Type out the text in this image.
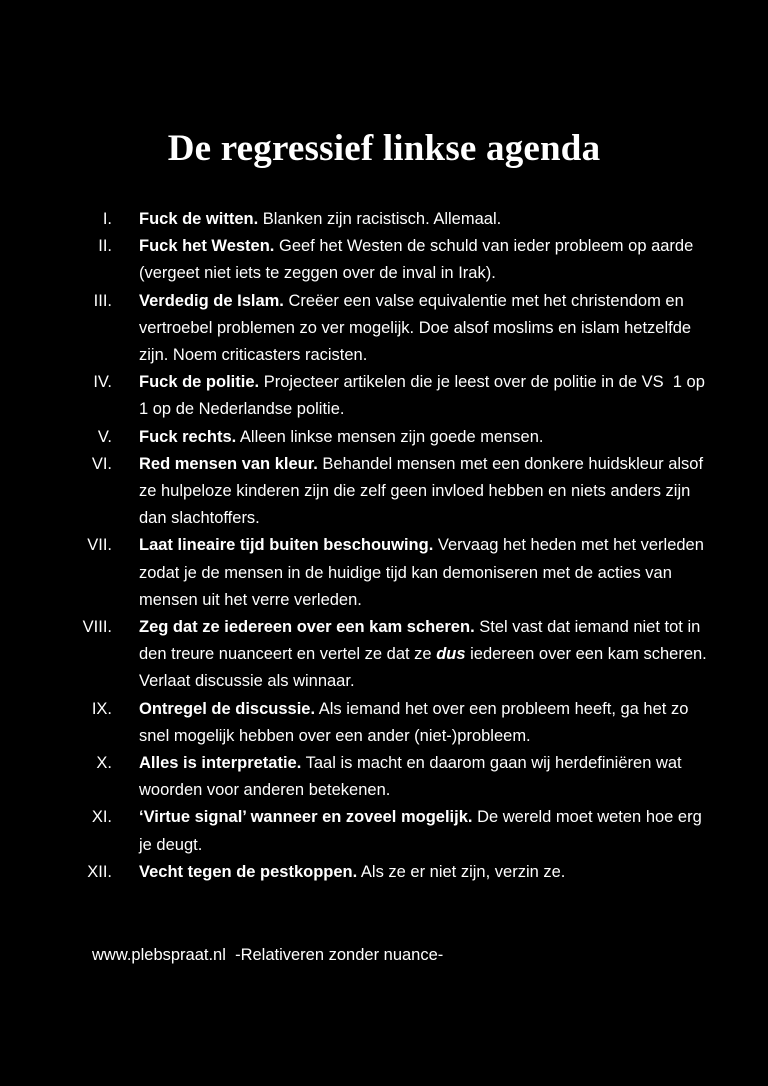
De regressief linkse agenda
I. Fuck de witten. Blanken zijn racistisch. Allemaal.
II. Fuck het Westen. Geef het Westen de schuld van ieder probleem op aarde (vergeet niet iets te zeggen over de inval in Irak).
III. Verdedig de Islam. Creëer een valse equivalentie met het christendom en vertroebel problemen zo ver mogelijk. Doe alsof moslims en islam hetzelfde zijn. Noem criticasters racisten.
IV. Fuck de politie. Projecteer artikelen die je leest over de politie in de VS  1 op 1 op de Nederlandse politie.
V. Fuck rechts. Alleen linkse mensen zijn goede mensen.
VI. Red mensen van kleur. Behandel mensen met een donkere huidskleur alsof ze hulpeloze kinderen zijn die zelf geen invloed hebben en niets anders zijn dan slachtoffers.
VII. Laat lineaire tijd buiten beschouwing. Vervaag het heden met het verleden zodat je de mensen in de huidige tijd kan demoniseren met de acties van mensen uit het verre verleden.
VIII. Zeg dat ze iedereen over een kam scheren. Stel vast dat iemand niet tot in den treure nuanceert en vertel ze dat ze dus iedereen over een kam scheren. Verlaat discussie als winnaar.
IX. Ontregel de discussie. Als iemand het over een probleem heeft, ga het zo snel mogelijk hebben over een ander (niet-)probleem.
X. Alles is interpretatie. Taal is macht en daarom gaan wij herdefiniëren wat woorden voor anderen betekenen.
XI. ‘Virtue signal’ wanneer en zoveel mogelijk. De wereld moet weten hoe erg je deugt.
XII. Vecht tegen de pestkoppen. Als ze er niet zijn, verzin ze.
www.plebspraat.nl  -Relativeren zonder nuance-
